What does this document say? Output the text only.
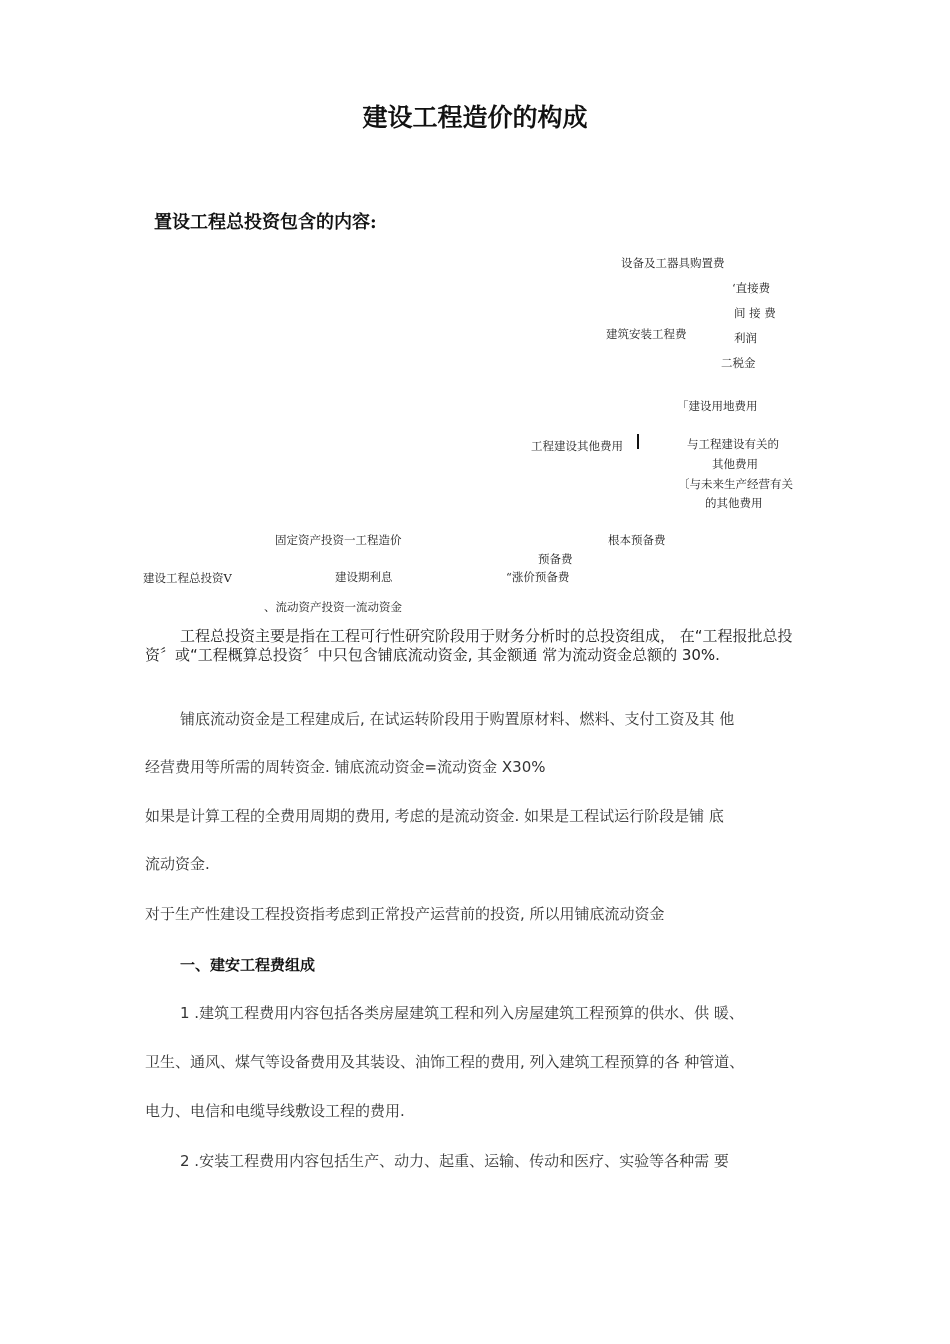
建设工程造价的构成
置设工程总投资包含的内容:
设备及工器具购置费
‘直接费
间 接 费
建筑安装工程费	利润
二税金
「建设用地费用
工程建设其他费用	与工程建设有关的
其他费用
〔与未来生产经营有关
的其他费用
固定资产投资一工程造价	根本预备费
预备费
建设工程总投资Ⅴ	建设期利息	“涨价预备费
、流动资产投资一流动资金
工程总投资主要是指在工程可行性研究阶段用于财务分析时的总投资组成， 在“工程报批总投资〞或“工程概算总投资〞中只包含铺底流动资金, 其金额通 常为流动资金总额的 30%.
铺底流动资金是工程建成后, 在试运转阶段用于购置原材料、燃料、支付工资及其 他
经营费用等所需的周转资金. 铺底流动资金=流动资金 X30%
如果是计算工程的全费用周期的费用, 考虑的是流动资金. 如果是工程试运行阶段是铺 底
流动资金.
对于生产性建设工程投资指考虑到正常投产运营前的投资, 所以用铺底流动资金
一、建安工程费组成
1 .建筑工程费用内容包括各类房屋建筑工程和列入房屋建筑工程预算的供水、供 暖、
卫生、通风、煤气等设备费用及其装设、油饰工程的费用, 列入建筑工程预算的各 种管道、
电力、电信和电缆导线敷设工程的费用.
2 .安装工程费用内容包括生产、动力、起重、运输、传动和医疗、实验等各种需 要
